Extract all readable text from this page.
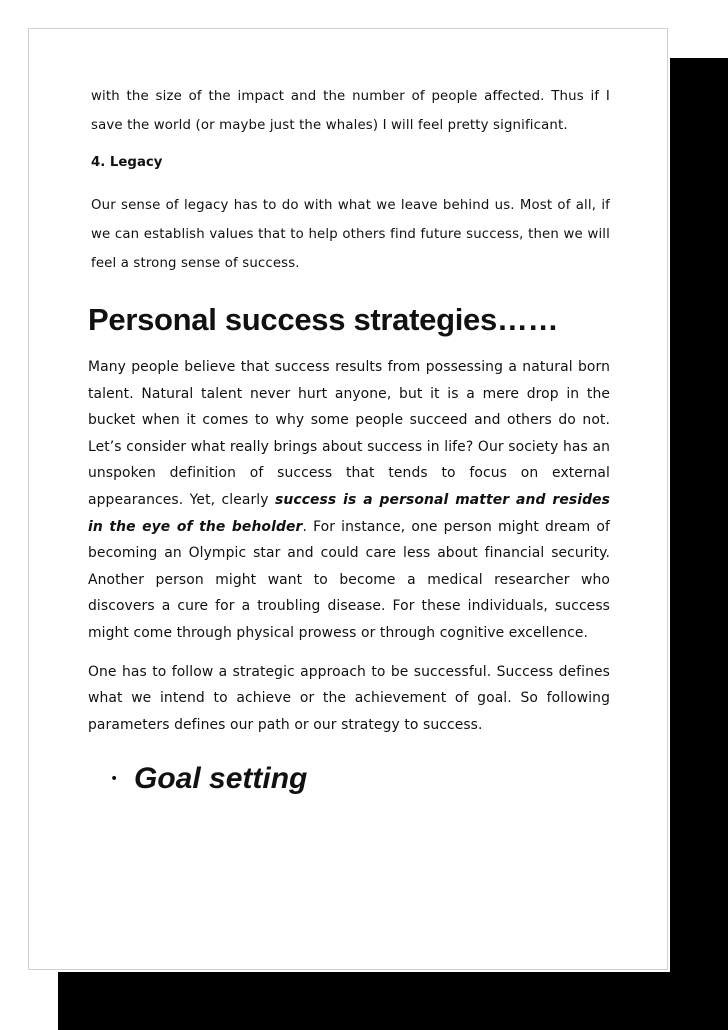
with the size of the impact and the number of people affected. Thus if I save the world (or maybe just the whales) I will feel pretty significant.

4. Legacy

Our sense of legacy has to do with what we leave behind us. Most of all, if we can establish values that to help others find future success, then we will feel a strong sense of success.

Personal success strategies……

Many people believe that success results from possessing a natural born talent. Natural talent never hurt anyone, but it is a mere drop in the bucket when it comes to why some people succeed and others do not. Let’s consider what really brings about success in life? Our society has an unspoken definition of success that tends to focus on external appearances. Yet, clearly success is a personal matter and resides in the eye of the beholder. For instance, one person might dream of becoming an Olympic star and could care less about financial security. Another person might want to become a medical researcher who discovers a cure for a troubling disease. For these individuals, success might come through physical prowess or through cognitive excellence.

One has to follow a strategic approach to be successful. Success defines what we intend to achieve or the achievement of goal. So following parameters defines our path or our strategy to success.

• Goal setting
